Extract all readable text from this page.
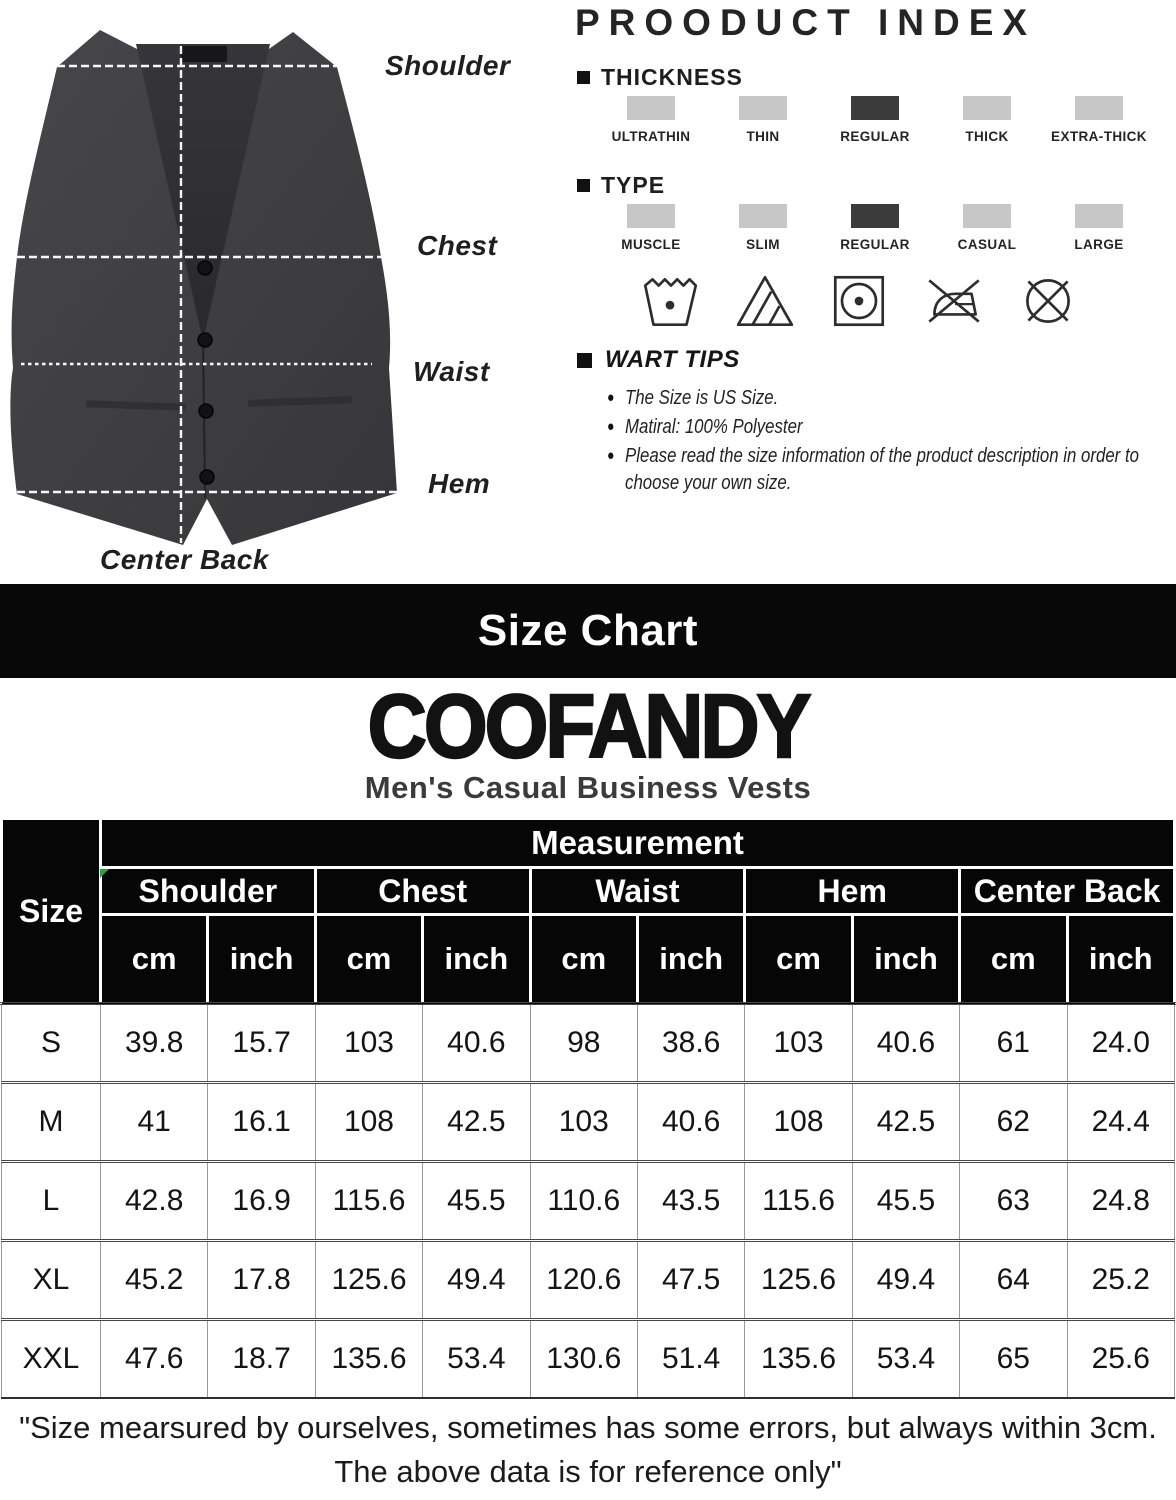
Shoulder
Chest
Waist
Hem
Center Back
PROODUCT INDEX
THICKNESS
ULTRATHIN	THIN	REGULAR	THICK	EXTRA-THICK
TYPE
MUSCLE	SLIM	REGULAR	CASUAL	LARGE
WART TIPS
● The Size is US Size.
● Matiral: 100% Polyester
● Please read the size information of the product description in order to choose your own size.
Size Chart
COOFANDY
Men's Casual Business Vests
Size	Measurement									
	Shoulder		Chest		Waist		Hem		Center Back	
	cm	inch	cm	inch	cm	inch	cm	inch	cm	inch
S	39.8	15.7	103	40.6	98	38.6	103	40.6	61	24.0
M	41	16.1	108	42.5	103	40.6	108	42.5	62	24.4
L	42.8	16.9	115.6	45.5	110.6	43.5	115.6	45.5	63	24.8
XL	45.2	17.8	125.6	49.4	120.6	47.5	125.6	49.4	64	25.2
XXL	47.6	18.7	135.6	53.4	130.6	51.4	135.6	53.4	65	25.6
"Size mearsured by ourselves, sometimes has some errors, but always within 3cm.
The above data is for reference only"
